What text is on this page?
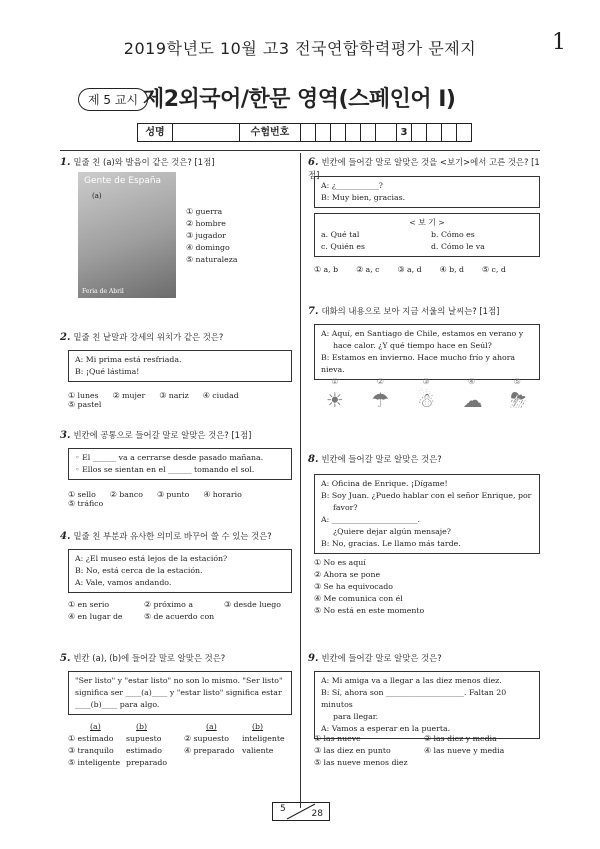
2019학년도 10월 고3 전국연합학력평가 문제지	1
제 5 교시 제2외국어/한문 영역(스페인어 Ⅰ)
성명	수험번호	3
1. 밑줄 친 (a)와 발음이 같은 것은? [1점]
Gente de España
(a)
Feria de Abril
① guerra
② hombre
③ jugador
④ domingo
⑤ naturaleza
2. 밑줄 친 낱말과 강세의 위치가 같은 것은?
A: Mi prima está resfriada.
B: ¡Qué lástima!
① lunes ② mujer ③ nariz ④ ciudad
⑤ pastel
3. 빈칸에 공통으로 들어갈 말로 알맞은 것은? [1점]
◦ El ______ va a cerrarse desde pasado mañana.
◦ Ellos se sientan en el ______ tomando el sol.
① sello ② banco ③ punto ④ horario
⑤ tráfico
4. 밑줄 친 부분과 유사한 의미로 바꾸어 쓸 수 있는 것은?
A: ¿El museo está lejos de la estación?
B: No, está cerca de la estación.
A: Vale, vamos andando.
① en serio	② próximo a	③ desde luego
④ en lugar de	⑤ de acuerdo con
5. 빈칸 (a), (b)에 들어갈 말로 알맞은 것은?
"Ser listo" y "estar listo" no son lo mismo. "Ser listo"
significa ser ____(a)____ y "estar listo" significa estar
____(b)____ para algo.
(a)	(b)	(a)	(b)
① estimado	supuesto	② supuesto	inteligente
③ tranquilo	estimado	④ preparado valiente
⑤ inteligente preparado
6. 빈칸에 들어갈 말로 알맞은 것을 <보기>에서 고른 것은? [1점]
A: ¿___________?
B: Muy bien, gracias.
< 보 기 >
a. Qué tal	b. Cómo es
c. Quién es	d. Cómo le va
① a, b ② a, c ③ a, d ④ b, d ⑤ c, d
7. 대화의 내용으로 보아 지금 서울의 날씨는? [1점]
A: Aquí, en Santiago de Chile, estamos en verano y
hace calor. ¿Y qué tiempo hace en Seúl?
B: Estamos en invierno. Hace mucho frío y ahora nieva.
①	②	③	④	⑤
☀ ☂ ☃ ☁ ⛈
8. 빈칸에 들어갈 말로 알맞은 것은?
A: Oficina de Enrique. ¡Dígame!
B: Soy Juan. ¿Puedo hablar con el señor Enrique, por
favor?
A: ______________________.
¿Quiere dejar algún mensaje?
B: No, gracias. Le llamo más tarde.
① No es aquí
② Ahora se pone
③ Se ha equivocado
④ Me comunica con él
⑤ No está en este momento
9. 빈칸에 들어갈 말로 알맞은 것은?
A: Mi amiga va a llegar a las diez menos diez.
B: Sí, ahora son ____________________. Faltan 20 minutos
para llegar.
A: Vamos a esperar en la puerta.
① las nueve	② las diez y media
③ las diez en punto	④ las nueve y media
⑤ las nueve menos diez
5	28
